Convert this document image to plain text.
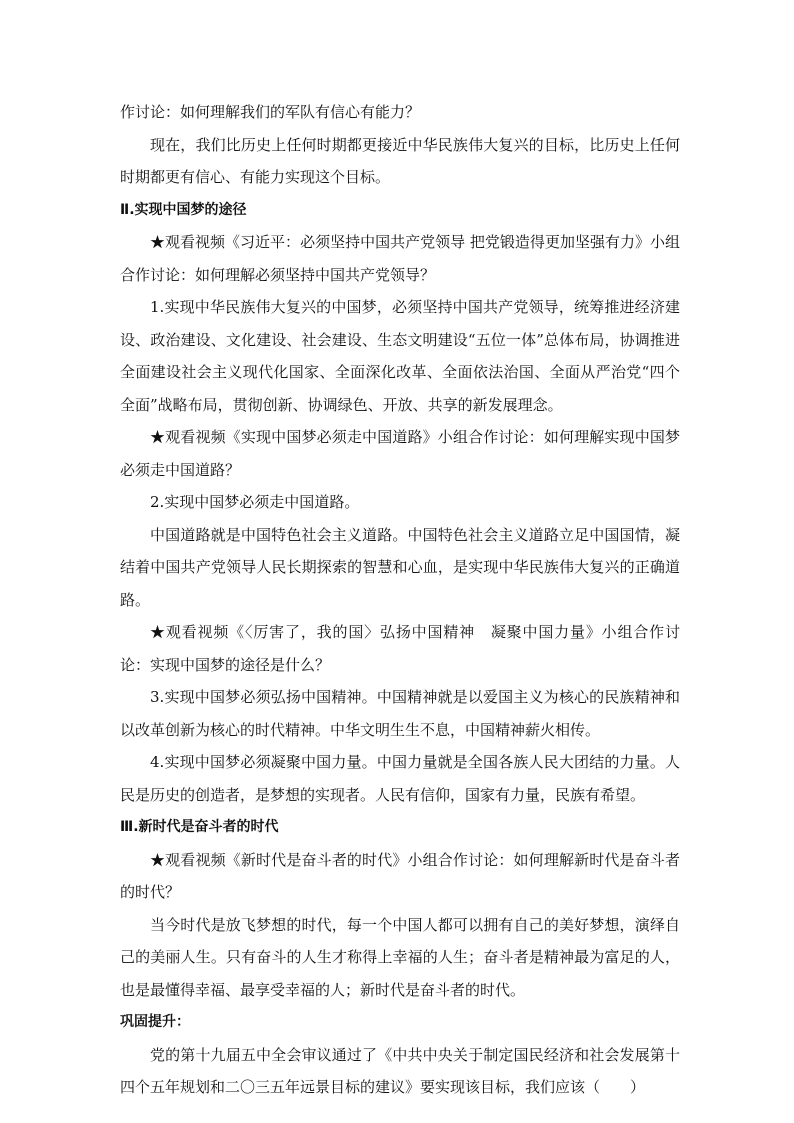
作讨论：如何理解我们的军队有信心有能力？

现在，我们比历史上任何时期都更接近中华民族伟大复兴的目标，比历史上任何时期都更有信心、有能力实现这个目标。

Ⅱ.实现中国梦的途径

★观看视频《习近平：必须坚持中国共产党领导 把党锻造得更加坚强有力》小组合作讨论：如何理解必须坚持中国共产党领导？

1.实现中华民族伟大复兴的中国梦，必须坚持中国共产党领导，统筹推进经济建设、政治建设、文化建设、社会建设、生态文明建设“五位一体”总体布局，协调推进全面建设社会主义现代化国家、全面深化改革、全面依法治国、全面从严治党“四个全面”战略布局，贯彻创新、协调绿色、开放、共享的新发展理念。

★观看视频《实现中国梦必须走中国道路》小组合作讨论：如何理解实现中国梦必须走中国道路？

2.实现中国梦必须走中国道路。

中国道路就是中国特色社会主义道路。中国特色社会主义道路立足中国国情，凝结着中国共产党领导人民长期探索的智慧和心血，是实现中华民族伟大复兴的正确道路。

★观看视频《〈厉害了，我的国〉弘扬中国精神　凝聚中国力量》小组合作讨论：实现中国梦的途径是什么？

3.实现中国梦必须弘扬中国精神。中国精神就是以爱国主义为核心的民族精神和以改革创新为核心的时代精神。中华文明生生不息，中国精神薪火相传。

4.实现中国梦必须凝聚中国力量。中国力量就是全国各族人民大团结的力量。人民是历史的创造者，是梦想的实现者。人民有信仰，国家有力量，民族有希望。

Ⅲ.新时代是奋斗者的时代

★观看视频《新时代是奋斗者的时代》小组合作讨论：如何理解新时代是奋斗者的时代？

当今时代是放飞梦想的时代，每一个中国人都可以拥有自己的美好梦想，演绎自己的美丽人生。只有奋斗的人生才称得上幸福的人生；奋斗者是精神最为富足的人，也是最懂得幸福、最享受幸福的人；新时代是奋斗者的时代。

巩固提升：

党的第十九届五中全会审议通过了《中共中央关于制定国民经济和社会发展第十四个五年规划和二〇三五年远景目标的建议》要实现该目标，我们应该（　　）
